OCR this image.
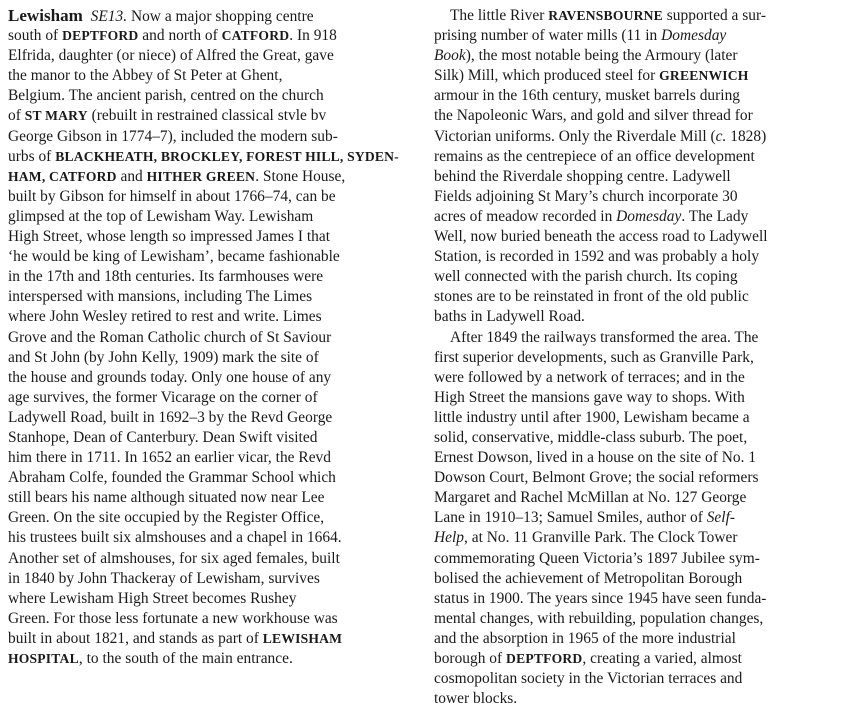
Lewisham SE13. Now a major shopping centre
south of DEPTFORD and north of CATFORD. In 918
Elfrida, daughter (or niece) of Alfred the Great, gave
the manor to the Abbey of St Peter at Ghent,
Belgium. The ancient parish, centred on the church
of ST MARY (rebuilt in restrained classical stvle bv
George Gibson in 1774–7), included the modern sub-
urbs of BLACKHEATH, BROCKLEY, FOREST HILL, SYDEN-
HAM, CATFORD and HITHER GREEN. Stone House,
built by Gibson for himself in about 1766–74, can be
glimpsed at the top of Lewisham Way. Lewisham
High Street, whose length so impressed James I that
‘he would be king of Lewisham’, became fashionable
in the 17th and 18th centuries. Its farmhouses were
interspersed with mansions, including The Limes
where John Wesley retired to rest and write. Limes
Grove and the Roman Catholic church of St Saviour
and St John (by John Kelly, 1909) mark the site of
the house and grounds today. Only one house of any
age survives, the former Vicarage on the corner of
Ladywell Road, built in 1692–3 by the Revd George
Stanhope, Dean of Canterbury. Dean Swift visited
him there in 1711. In 1652 an earlier vicar, the Revd
Abraham Colfe, founded the Grammar School which
still bears his name although situated now near Lee
Green. On the site occupied by the Register Office,
his trustees built six almshouses and a chapel in 1664.
Another set of almshouses, for six aged females, built
in 1840 by John Thackeray of Lewisham, survives
where Lewisham High Street becomes Rushey
Green. For those less fortunate a new workhouse was
built in about 1821, and stands as part of LEWISHAM
HOSPITAL, to the south of the main entrance.
The little River RAVENSBOURNE supported a sur-
prising number of water mills (11 in Domesday
Book), the most notable being the Armoury (later
Silk) Mill, which produced steel for GREENWICH
armour in the 16th century, musket barrels during
the Napoleonic Wars, and gold and silver thread for
Victorian uniforms. Only the Riverdale Mill (c. 1828)
remains as the centrepiece of an office development
behind the Riverdale shopping centre. Ladywell
Fields adjoining St Mary’s church incorporate 30
acres of meadow recorded in Domesday. The Lady
Well, now buried beneath the access road to Ladywell
Station, is recorded in 1592 and was probably a holy
well connected with the parish church. Its coping
stones are to be reinstated in front of the old public
baths in Ladywell Road.
After 1849 the railways transformed the area. The
first superior developments, such as Granville Park,
were followed by a network of terraces; and in the
High Street the mansions gave way to shops. With
little industry until after 1900, Lewisham became a
solid, conservative, middle-class suburb. The poet,
Ernest Dowson, lived in a house on the site of No. 1
Dowson Court, Belmont Grove; the social reformers
Margaret and Rachel McMillan at No. 127 George
Lane in 1910–13; Samuel Smiles, author of Self-
Help, at No. 11 Granville Park. The Clock Tower
commemorating Queen Victoria’s 1897 Jubilee sym-
bolised the achievement of Metropolitan Borough
status in 1900. The years since 1945 have seen funda-
mental changes, with rebuilding, population changes,
and the absorption in 1965 of the more industrial
borough of DEPTFORD, creating a varied, almost
cosmopolitan society in the Victorian terraces and
tower blocks.
